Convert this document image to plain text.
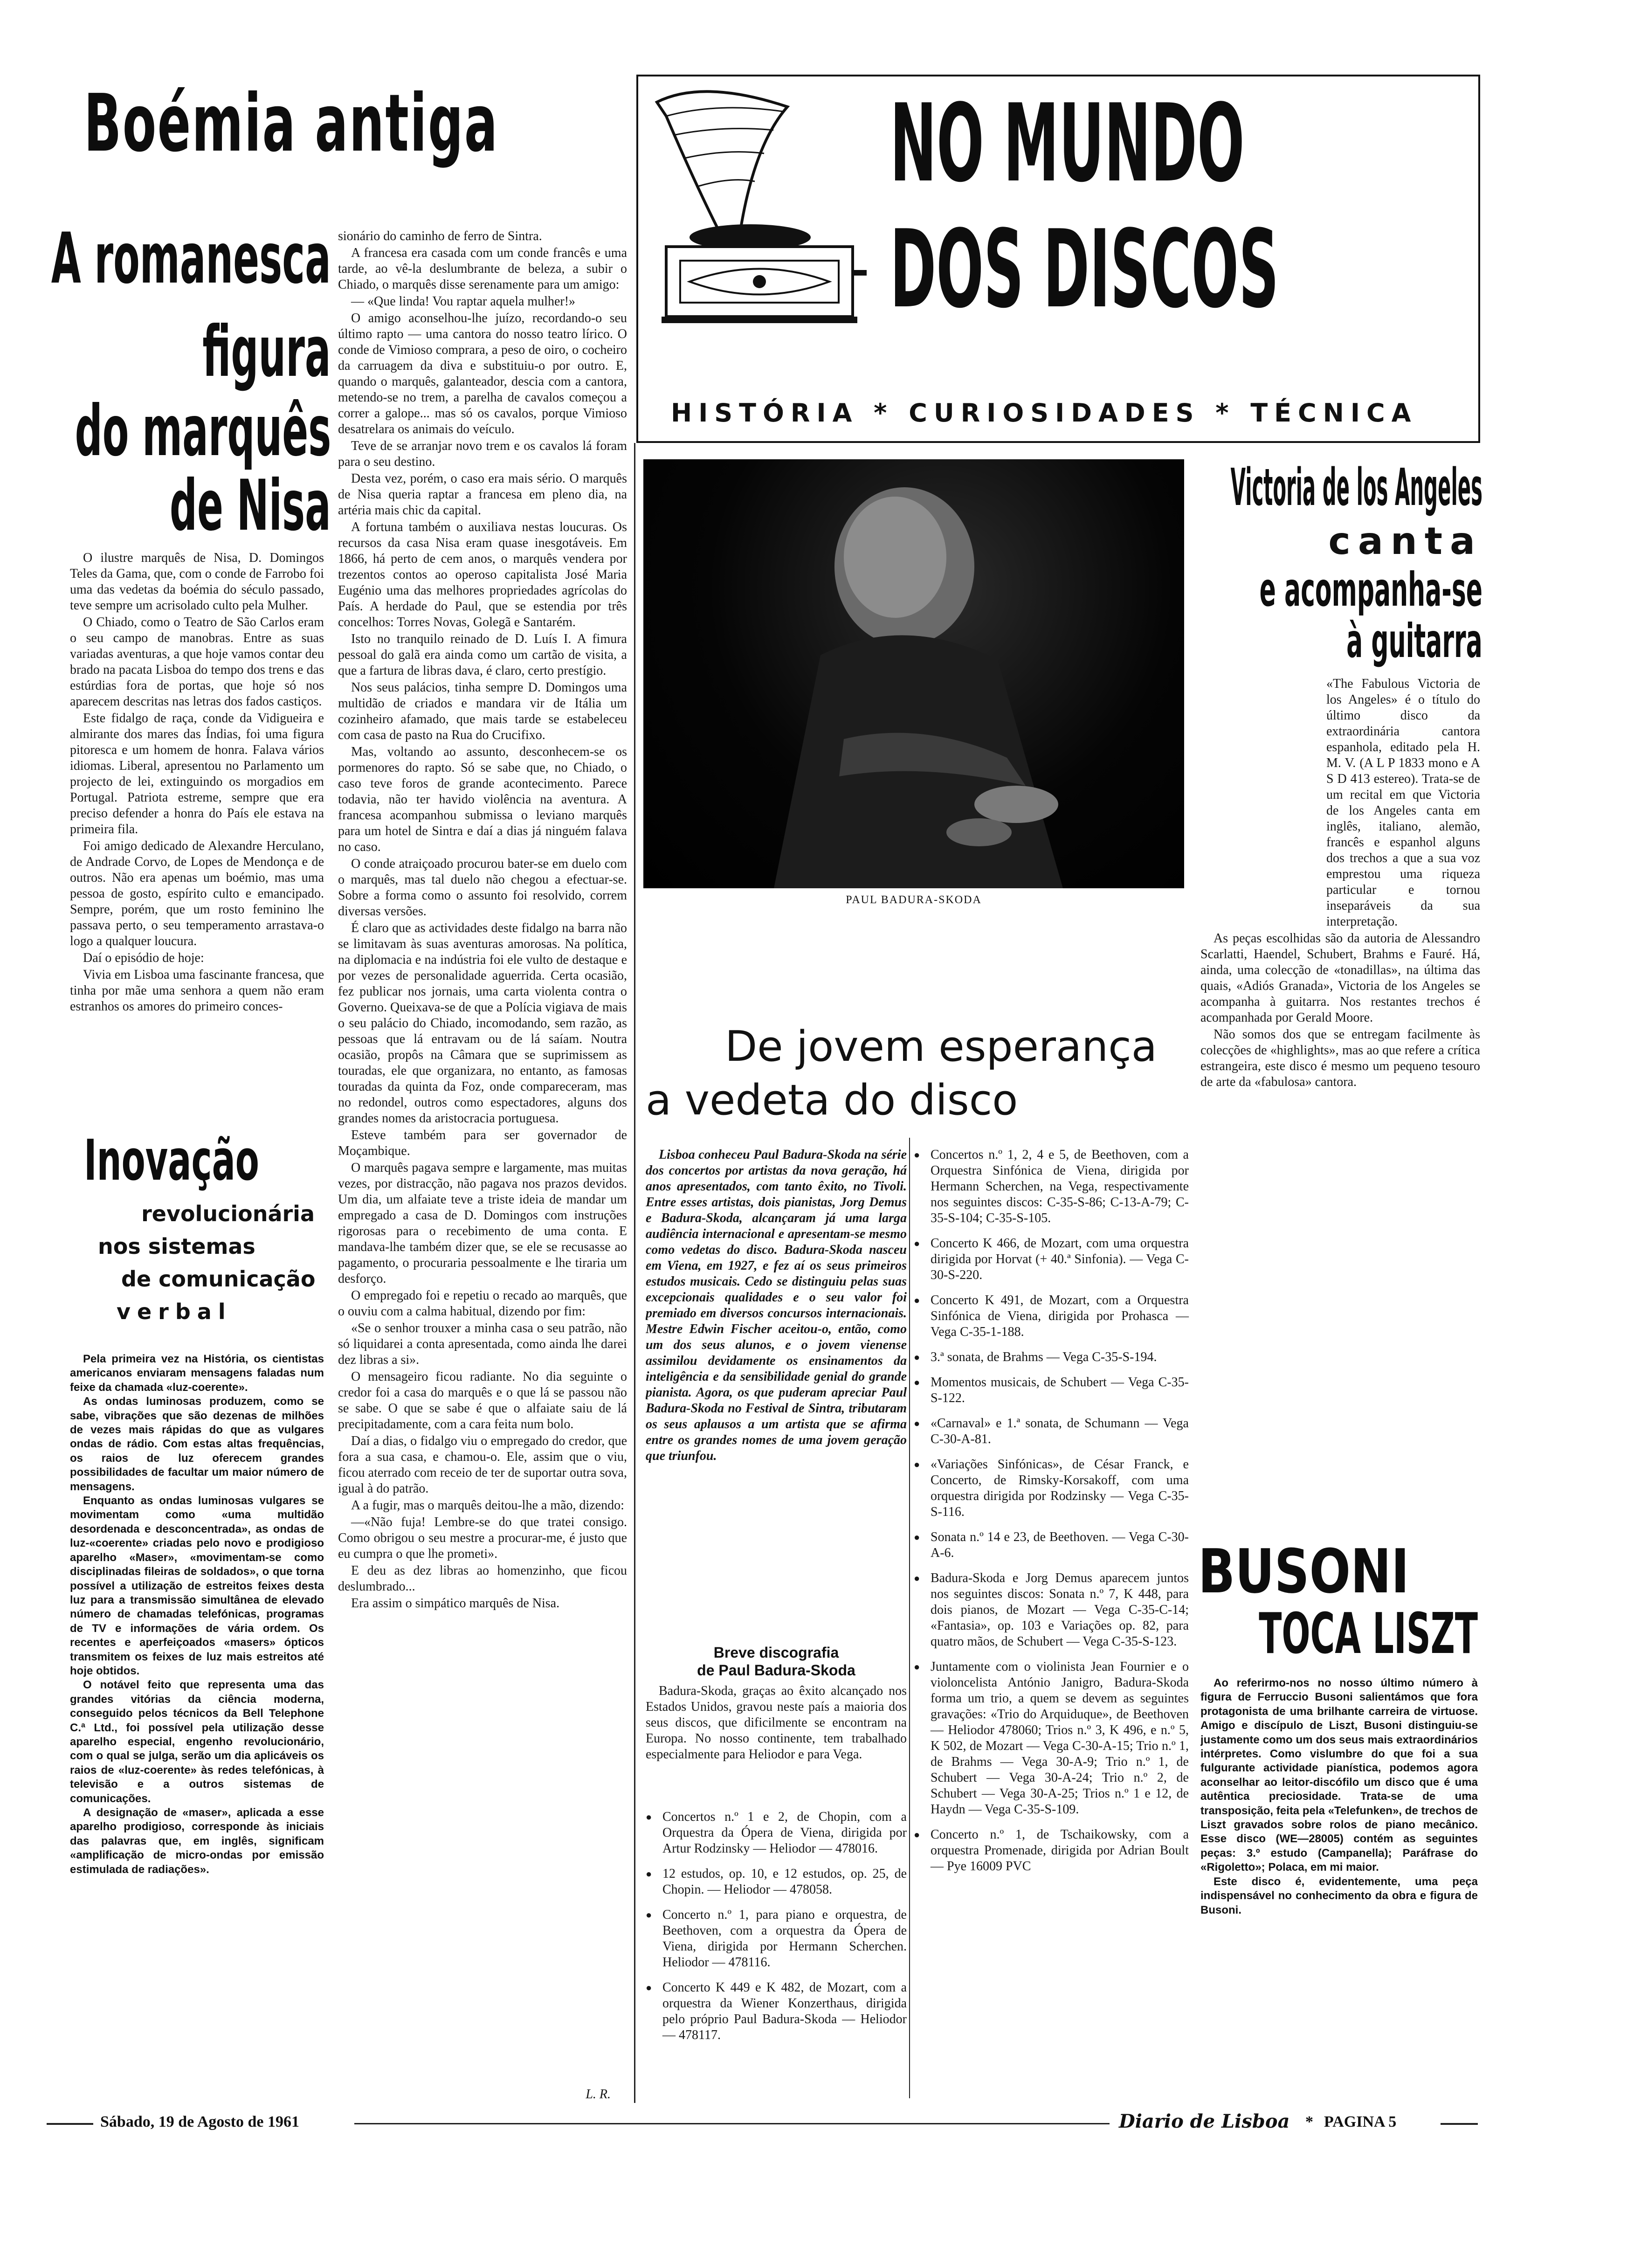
Boémia antiga
A romanesca
figura
do marquês
de Nisa

O ilustre marquês de Nisa, D. Domingos Teles da Gama, que, com o conde de Farrobo foi uma das vedetas da boémia do século passado, teve sempre um acrisolado culto pela Mulher.

O Chiado, como o Teatro de São Carlos eram o seu campo de manobras. Entre as suas variadas aventuras, a que hoje vamos contar deu brado na pacata Lisboa do tempo dos trens e das estúrdias fora de portas, que hoje só nos aparecem descritas nas letras dos fados castiços.

Este fidalgo de raça, conde da Vidigueira e almirante dos mares das Índias, foi uma figura pitoresca e um homem de honra. Falava vários idiomas. Liberal, apresentou no Parlamento um projecto de lei, extinguindo os morgadios em Portugal. Patriota estreme, sempre que era preciso defender a honra do País ele estava na primeira fila.

Foi amigo dedicado de Alexandre Herculano, de Andrade Corvo, de Lopes de Mendonça e de outros. Não era apenas um boémio, mas uma pessoa de gosto, espírito culto e emancipado. Sempre, porém, que um rosto feminino lhe passava perto, o seu temperamento arrastava-o logo a qualquer loucura.

Daí o episódio de hoje:

Vivia em Lisboa uma fascinante francesa, que tinha por mãe uma senhora a quem não eram estranhos os amores do primeiro conces-

sionário do caminho de ferro de Sintra.

A francesa era casada com um conde francês e uma tarde, ao vê-la deslumbrante de beleza, a subir o Chiado, o marquês disse serenamente para um amigo:

— «Que linda! Vou raptar aquela mulher!»

O amigo aconselhou-lhe juízo, recordando-o seu último rapto — uma cantora do nosso teatro lírico. O conde de Vimioso comprara, a peso de oiro, o cocheiro da carruagem da diva e substituiu-o por outro. E, quando o marquês, galanteador, descia com a cantora, metendo-se no trem, a parelha de cavalos começou a correr a galope... mas só os cavalos, porque Vimioso desatrelara os animais do veículo.

Teve de se arranjar novo trem e os cavalos lá foram para o seu destino.

Desta vez, porém, o caso era mais sério. O marquês de Nisa queria raptar a francesa em pleno dia, na artéria mais chic da capital.

A fortuna também o auxiliava nestas loucuras. Os recursos da casa Nisa eram quase inesgotáveis. Em 1866, há perto de cem anos, o marquês vendera por trezentos contos ao operoso capitalista José Maria Eugénio uma das melhores propriedades agrícolas do País. A herdade do Paul, que se estendia por três concelhos: Torres Novas, Golegã e Santarém.

Isto no tranquilo reinado de D. Luís I. A fimura pessoal do galã era ainda como um cartão de visita, a que a fartura de libras dava, é claro, certo prestígio.

Nos seus palácios, tinha sempre D. Domingos uma multidão de criados e mandara vir de Itália um cozinheiro afamado, que mais tarde se estabeleceu com casa de pasto na Rua do Crucifixo.

Mas, voltando ao assunto, desconhecem-se os pormenores do rapto. Só se sabe que, no Chiado, o caso teve foros de grande acontecimento. Parece todavia, não ter havido violência na aventura. A francesa acompanhou submissa o leviano marquês para um hotel de Sintra e daí a dias já ninguém falava no caso.

O conde atraiçoado procurou bater-se em duelo com o marquês, mas tal duelo não chegou a efectuar-se. Sobre a forma como o assunto foi resolvido, correm diversas versões.

É claro que as actividades deste fidalgo na barra não se limitavam às suas aventuras amorosas. Na política, na diplomacia e na indústria foi ele vulto de destaque e por vezes de personalidade aguerrida. Certa ocasião, fez publicar nos jornais, uma carta violenta contra o Governo. Queixava-se de que a Polícia vigiava de mais o seu palácio do Chiado, incomodando, sem razão, as pessoas que lá entravam ou de lá saíam. Noutra ocasião, propôs na Câmara que se suprimissem as touradas, ele que organizara, no entanto, as famosas touradas da quinta da Foz, onde compareceram, mas no redondel, outros como espectadores, alguns dos grandes nomes da aristocracia portuguesa.

Esteve também para ser governador de Moçambique.

O marquês pagava sempre e largamente, mas muitas vezes, por distracção, não pagava nos prazos devidos. Um dia, um alfaiate teve a triste ideia de mandar um empregado a casa de D. Domingos com instruções rigorosas para o recebimento de uma conta. E mandava-lhe também dizer que, se ele se recusasse ao pagamento, o procuraria pessoalmente e lhe tiraria um desforço.

O empregado foi e repetiu o recado ao marquês, que o ouviu com a calma habitual, dizendo por fim:

«Se o senhor trouxer a minha casa o seu patrão, não só liquidarei a conta apresentada, como ainda lhe darei dez libras a si».

O mensageiro ficou radiante. No dia seguinte o credor foi a casa do marquês e o que lá se passou não se sabe. O que se sabe é que o alfaiate saiu de lá precipitadamente, com a cara feita num bolo.

Daí a dias, o fidalgo viu o empregado do credor, que fora a sua casa, e chamou-o. Ele, assim que o viu, ficou aterrado com receio de ter de suportar outra sova, igual à do patrão.

A a fugir, mas o marquês deitou-lhe a mão, dizendo:

—«Não fuja! Lembre-se do que tratei consigo. Como obrigou o seu mestre a procurar-me, é justo que eu cumpra o que lhe prometi».

E deu as dez libras ao homenzinho, que ficou deslumbrado...

Era assim o simpático marquês de Nisa.

L. R.
Inovação
revolucionária
nos sistemas
de comunicação
verbal

Pela primeira vez na História, os cientistas americanos enviaram mensagens faladas num feixe da chamada «luz-coerente».

As ondas luminosas produzem, como se sabe, vibrações que são dezenas de milhões de vezes mais rápidas do que as vulgares ondas de rádio. Com estas altas frequências, os raios de luz oferecem grandes possibilidades de facultar um maior número de mensagens.

Enquanto as ondas luminosas vulgares se movimentam como «uma multidão desordenada e desconcentrada», as ondas de luz-«coerente» criadas pelo novo e prodigioso aparelho «Maser», «movimentam-se como disciplinadas fileiras de soldados», o que torna possível a utilização de estreitos feixes desta luz para a transmissão simultânea de elevado número de chamadas telefónicas, programas de TV e informações de vária ordem. Os recentes e aperfeiçoados «masers» ópticos transmitem os feixes de luz mais estreitos até hoje obtidos.

O notável feito que representa uma das grandes vitórias da ciência moderna, conseguido pelos técnicos da Bell Telephone C.ª Ltd., foi possível pela utilização desse aparelho especial, engenho revolucionário, com o qual se julga, serão um dia aplicáveis os raios de «luz-coerente» às redes telefónicas, à televisão e a outros sistemas de comunicações.

A designação de «maser», aplicada a esse aparelho prodigioso, corresponde às iniciais das palavras que, em inglês, significam «amplificação de micro-ondas por emissão estimulada de radiações».

NO MUNDO
DOS DISCOS
HISTÓRIA * CURIOSIDADES * TÉCNICA
PAUL BADURA-SKODA
Victoria de los Angeles
canta
e acompanha-se
à guitarra

«The Fabulous Victoria de los Angeles» é o título do último disco da extraordinária cantora espanhola, editado pela H. M. V. (A L P 1833 mono e A S D 413 estereo). Trata-se de um recital em que Victoria de los Angeles canta em inglês, italiano, alemão, francês e espanhol alguns dos trechos a que a sua voz emprestou uma riqueza particular e tornou inseparáveis da sua interpretação.

As peças escolhidas são da autoria de Alessandro Scarlatti, Haendel, Schubert, Brahms e Fauré. Há, ainda, uma colecção de «tonadillas», na última das quais, «Adiós Granada», Victoria de los Angeles se acompanha à guitarra. Nos restantes trechos é acompanhada por Gerald Moore.

Não somos dos que se entregam facilmente às colecções de «highlights», mas ao que refere a crítica estrangeira, este disco é mesmo um pequeno tesouro de arte da «fabulosa» cantora.

De jovem esperança
a vedeta do disco
Lisboa conheceu Paul Badura-Skoda na série dos concertos por artistas da nova geração, há anos apresentados, com tanto êxito, no Tivoli. Entre esses artistas, dois pianistas, Jorg Demus e Badura-Skoda, alcançaram já uma larga audiência internacional e apresentam-se mesmo como vedetas do disco. Badura-Skoda nasceu em Viena, em 1927, e fez aí os seus primeiros estudos musicais. Cedo se distinguiu pelas suas excepcionais qualidades e o seu valor foi premiado em diversos concursos internacionais. Mestre Edwin Fischer aceitou-o, então, como um dos seus alunos, e o jovem vienense assimilou devidamente os ensinamentos da inteligência e da sensibilidade genial do grande pianista. Agora, os que puderam apreciar Paul Badura-Skoda no Festival de Sintra, tributaram os seus aplausos a um artista que se afirma entre os grandes nomes de uma jovem geração que triunfou.
Breve discografia
de Paul Badura-Skoda
Badura-Skoda, graças ao êxito alcançado nos Estados Unidos, gravou neste país a maioria dos seus discos, que dificilmente se encontram na Europa. No nosso continente, tem trabalhado especialmente para Heliodor e para Vega.
● Concertos n.º 1 e 2, de Chopin, com a Orquestra da Ópera de Viena, dirigida por Artur Rodzinsky — Heliodor — 478016.
● 12 estudos, op. 10, e 12 estudos, op. 25, de Chopin. — Heliodor — 478058.
● Concerto n.º 1, para piano e orquestra, de Beethoven, com a orquestra da Ópera de Viena, dirigida por Hermann Scherchen. Heliodor — 478116.
● Concerto K 449 e K 482, de Mozart, com a orquestra da Wiener Konzerthaus, dirigida pelo próprio Paul Badura-Skoda — Heliodor — 478117.
● Concertos n.º 1, 2, 4 e 5, de Beethoven, com a Orquestra Sinfónica de Viena, dirigida por Hermann Scherchen, na Vega, respectivamente nos seguintes discos: C-35-S-86; C-13-A-79; C-35-S-104; C-35-S-105.
● Concerto K 466, de Mozart, com uma orquestra dirigida por Horvat (+ 40.ª Sinfonia). — Vega C-30-S-220.
● Concerto K 491, de Mozart, com a Orquestra Sinfónica de Viena, dirigida por Prohasca — Vega C-35-1-188.
● 3.ª sonata, de Brahms — Vega C-35-S-194.
● Momentos musicais, de Schubert — Vega C-35-S-122.
● «Carnaval» e 1.ª sonata, de Schumann — Vega C-30-A-81.
● «Variações Sinfónicas», de César Franck, e Concerto, de Rimsky-Korsakoff, com uma orquestra dirigida por Rodzinsky — Vega C-35-S-116.
● Sonata n.º 14 e 23, de Beethoven. — Vega C-30-A-6.
● Badura-Skoda e Jorg Demus aparecem juntos nos seguintes discos: Sonata n.º 7, K 448, para dois pianos, de Mozart — Vega C-35-C-14; «Fantasia», op. 103 e Variações op. 82, para quatro mãos, de Schubert — Vega C-35-S-123.
● Juntamente com o violinista Jean Fournier e o violoncelista António Janigro, Badura-Skoda forma um trio, a quem se devem as seguintes gravações: «Trio do Arquiduque», de Beethoven — Heliodor 478060; Trios n.º 3, K 496, e n.º 5, K 502, de Mozart — Vega C-30-A-15; Trio n.º 1, de Brahms — Vega 30-A-9; Trio n.º 1, de Schubert — Vega 30-A-24; Trio n.º 2, de Schubert — Vega 30-A-25; Trios n.º 1 e 12, de Haydn — Vega C-35-S-109.
● Concerto n.º 1, de Tschaikowsky, com a orquestra Promenade, dirigida por Adrian Boult — Pye 16009 PVC
BUSONI
TOCA LISZT

Ao referirmo-nos no nosso último número à figura de Ferruccio Busoni salientámos que fora protagonista de uma brilhante carreira de virtuose. Amigo e discípulo de Liszt, Busoni distinguiu-se justamente como um dos seus mais extraordinários intérpretes. Como vislumbre do que foi a sua fulgurante actividade pianística, podemos agora aconselhar ao leitor-discófilo um disco que é uma autêntica preciosidade. Trata-se de uma transposição, feita pela «Telefunken», de trechos de Liszt gravados sobre rolos de piano mecânico. Esse disco (WE—28005) contém as seguintes peças: 3.º estudo (Campanella); Paráfrase do «Rigoletto»; Polaca, em mi maior.

Este disco é, evidentemente, uma peça indispensável no conhecimento da obra e figura de Busoni.

Sábado, 19 de Agosto de 1961	Diario de Lisboa * PAGINA 5
